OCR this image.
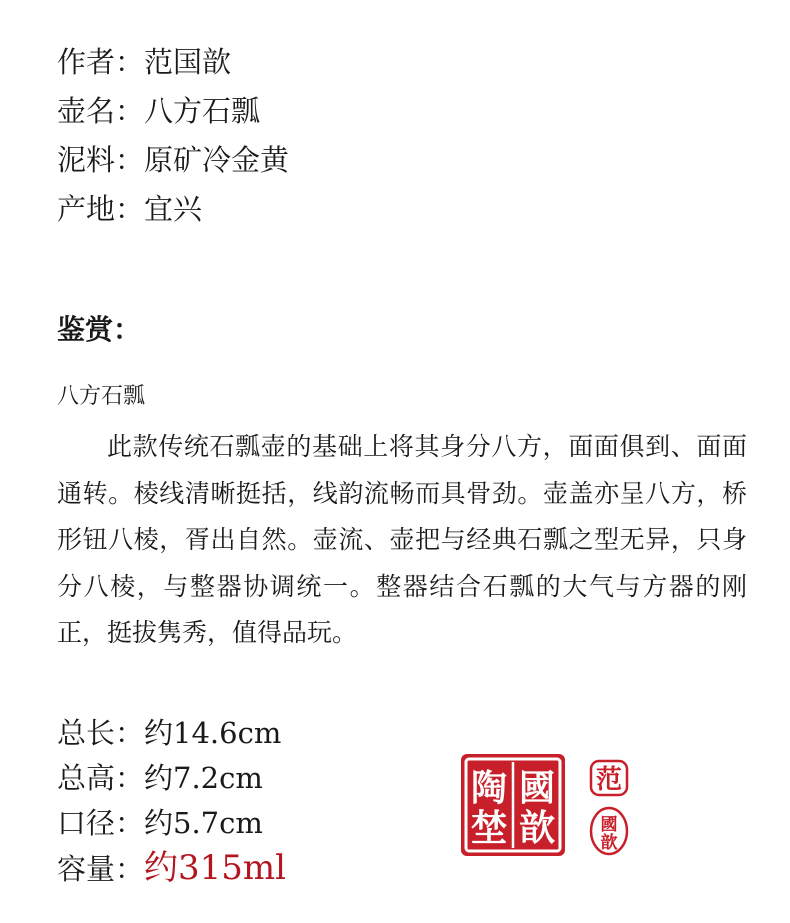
作者：范国歆
壶名：八方石瓢
泥料：原矿冷金黄
产地：宜兴
鉴赏：
八方石瓢
此款传统石瓢壶的基础上将其身分八方，面面俱到、面面通转。棱线清晰挺括，线韵流畅而具骨劲。壶盖亦呈八方，桥形钮八棱，胥出自然。壶流、壶把与经典石瓢之型无异，只身分八棱，与整器协调统一。整器结合石瓢的大气与方器的刚正，挺拔隽秀，值得品玩。
总长：约14.6cm
总高：约7.2cm
口径：约5.7cm
容量：约315ml
國
歆
陶
埜
范
國
歆
